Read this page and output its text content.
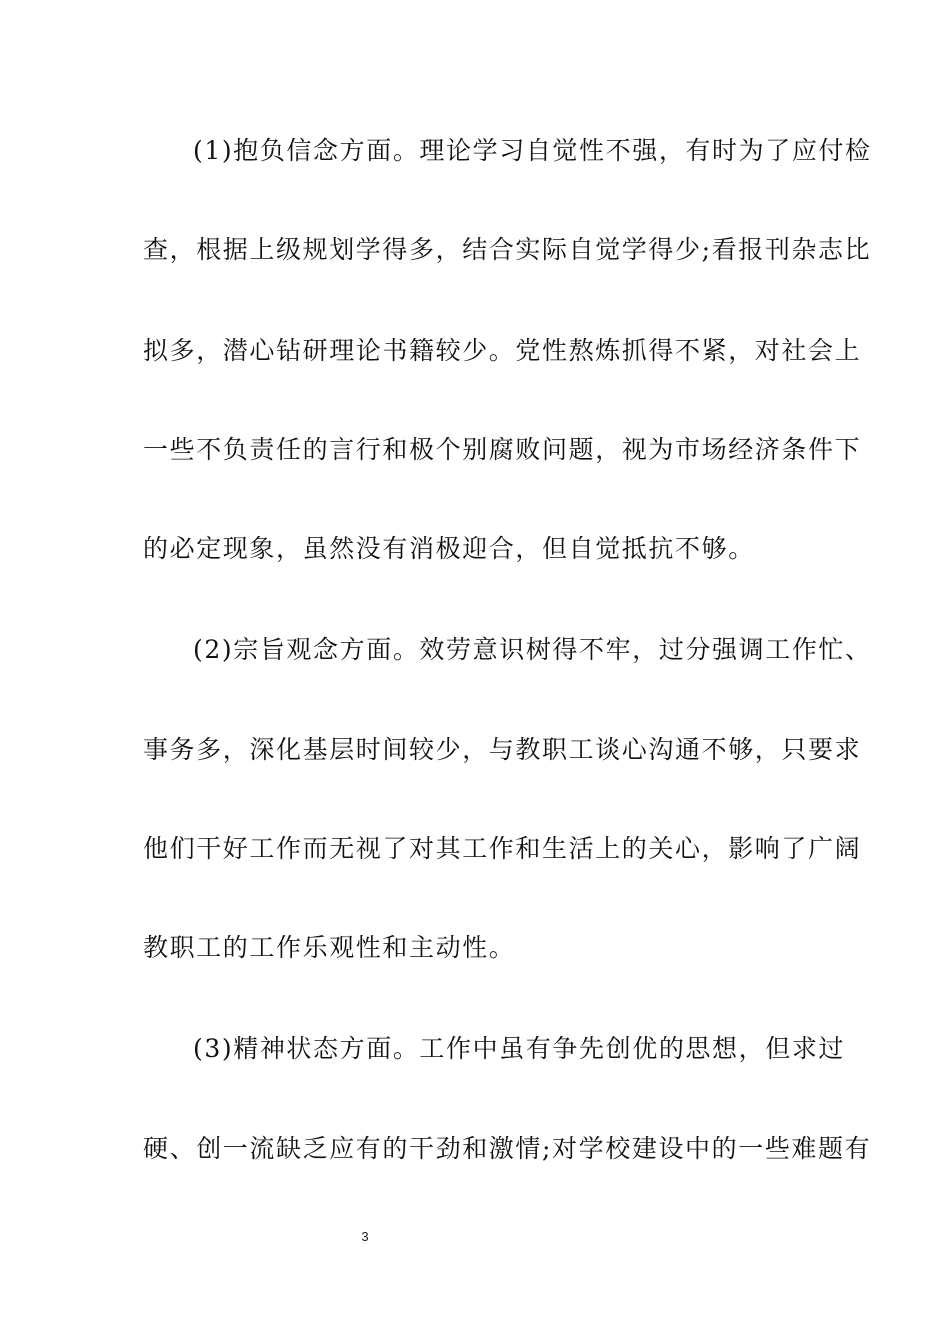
(1)抱负信念方面。理论学习自觉性不强，有时为了应付检
查，根据上级规划学得多，结合实际自觉学得少;看报刊杂志比
拟多，潜心钻研理论书籍较少。党性熬炼抓得不紧，对社会上
一些不负责任的言行和极个别腐败问题，视为市场经济条件下
的必定现象，虽然没有消极迎合，但自觉抵抗不够。
(2)宗旨观念方面。效劳意识树得不牢，过分强调工作忙、
事务多，深化基层时间较少，与教职工谈心沟通不够，只要求
他们干好工作而无视了对其工作和生活上的关心，影响了广阔
教职工的工作乐观性和主动性。
(3)精神状态方面。工作中虽有争先创优的思想，但求过
硬、创一流缺乏应有的干劲和激情;对学校建设中的一些难题有
3
